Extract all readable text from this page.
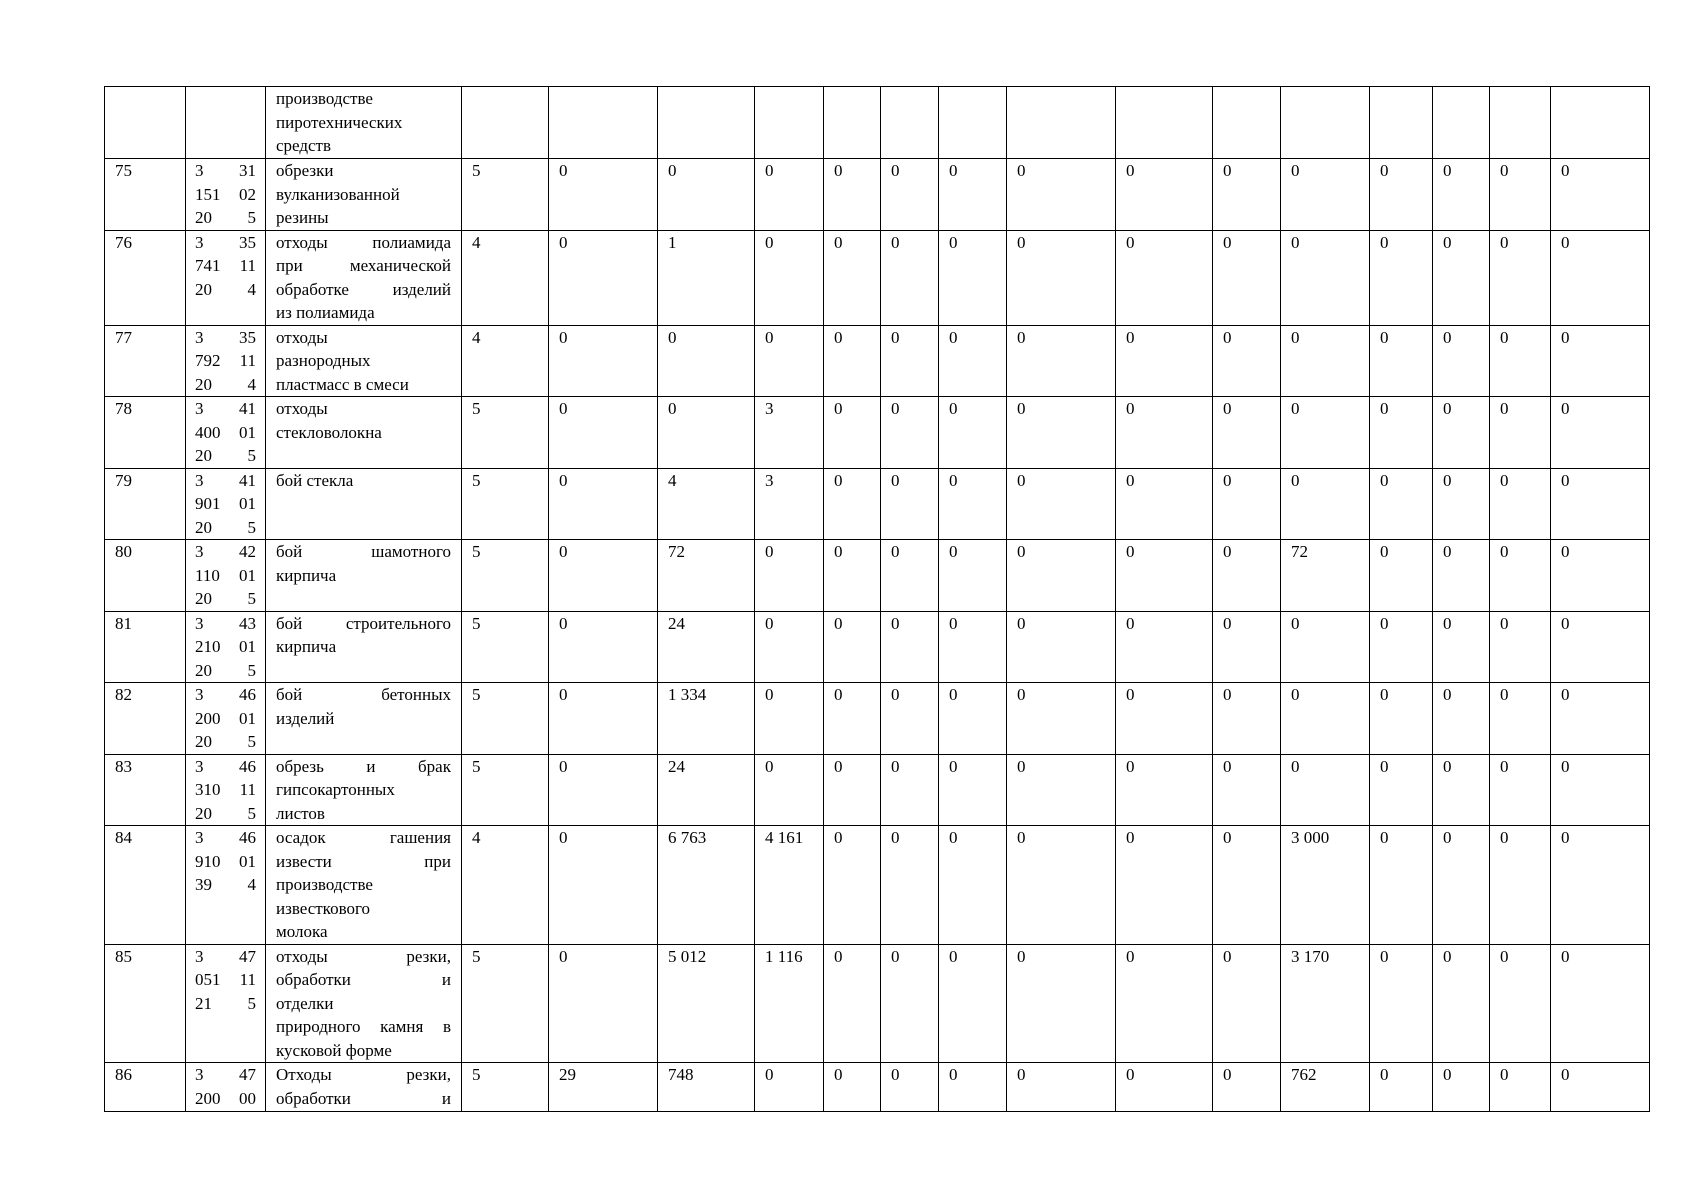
		производстве
пиротехнических
средств															

75	3 31
151 02
20 5	обрезки
вулканизованной
резины	5	0	0	0	0	0	0	0	0	0	0	0	0	0	0
76	3 35
741 11
20 4	отходы полиамида
при механической
обработке изделий
из полиамида	4	0	1	0	0	0	0	0	0	0	0	0	0	0	0
77	3 35
792 11
20 4	отходы
разнородных
пластмасс в смеси	4	0	0	0	0	0	0	0	0	0	0	0	0	0	0
78	3 41
400 01
20 5	отходы
стекловолокна	5	0	0	3	0	0	0	0	0	0	0	0	0	0	0
79	3 41
901 01
20 5	бой стекла	5	0	4	3	0	0	0	0	0	0	0	0	0	0	0
80	3 42
110 01
20 5	бой шамотного
кирпича	5	0	72	0	0	0	0	0	0	0	72	0	0	0	0
81	3 43
210 01
20 5	бой строительного
кирпича	5	0	24	0	0	0	0	0	0	0	0	0	0	0	0
82	3 46
200 01
20 5	бой бетонных
изделий	5	0	1 334	0	0	0	0	0	0	0	0	0	0	0	0
83	3 46
310 11
20 5	обрезь и брак
гипсокартонных
листов	5	0	24	0	0	0	0	0	0	0	0	0	0	0	0
84	3 46
910 01
39 4	осадок гашения
извести при
производстве
известкового
молока	4	0	6 763	4 161	0	0	0	0	0	0	3 000	0	0	0	0
85	3 47
051 11
21 5	отходы резки,
обработки и
отделки
природного камня в
кусковой форме	5	0	5 012	1 116	0	0	0	0	0	0	3 170	0	0	0	0
86	3 47
200 00	Отходы резки,
обработки и	5	29	748	0	0	0	0	0	0	0	762	0	0	0	0
